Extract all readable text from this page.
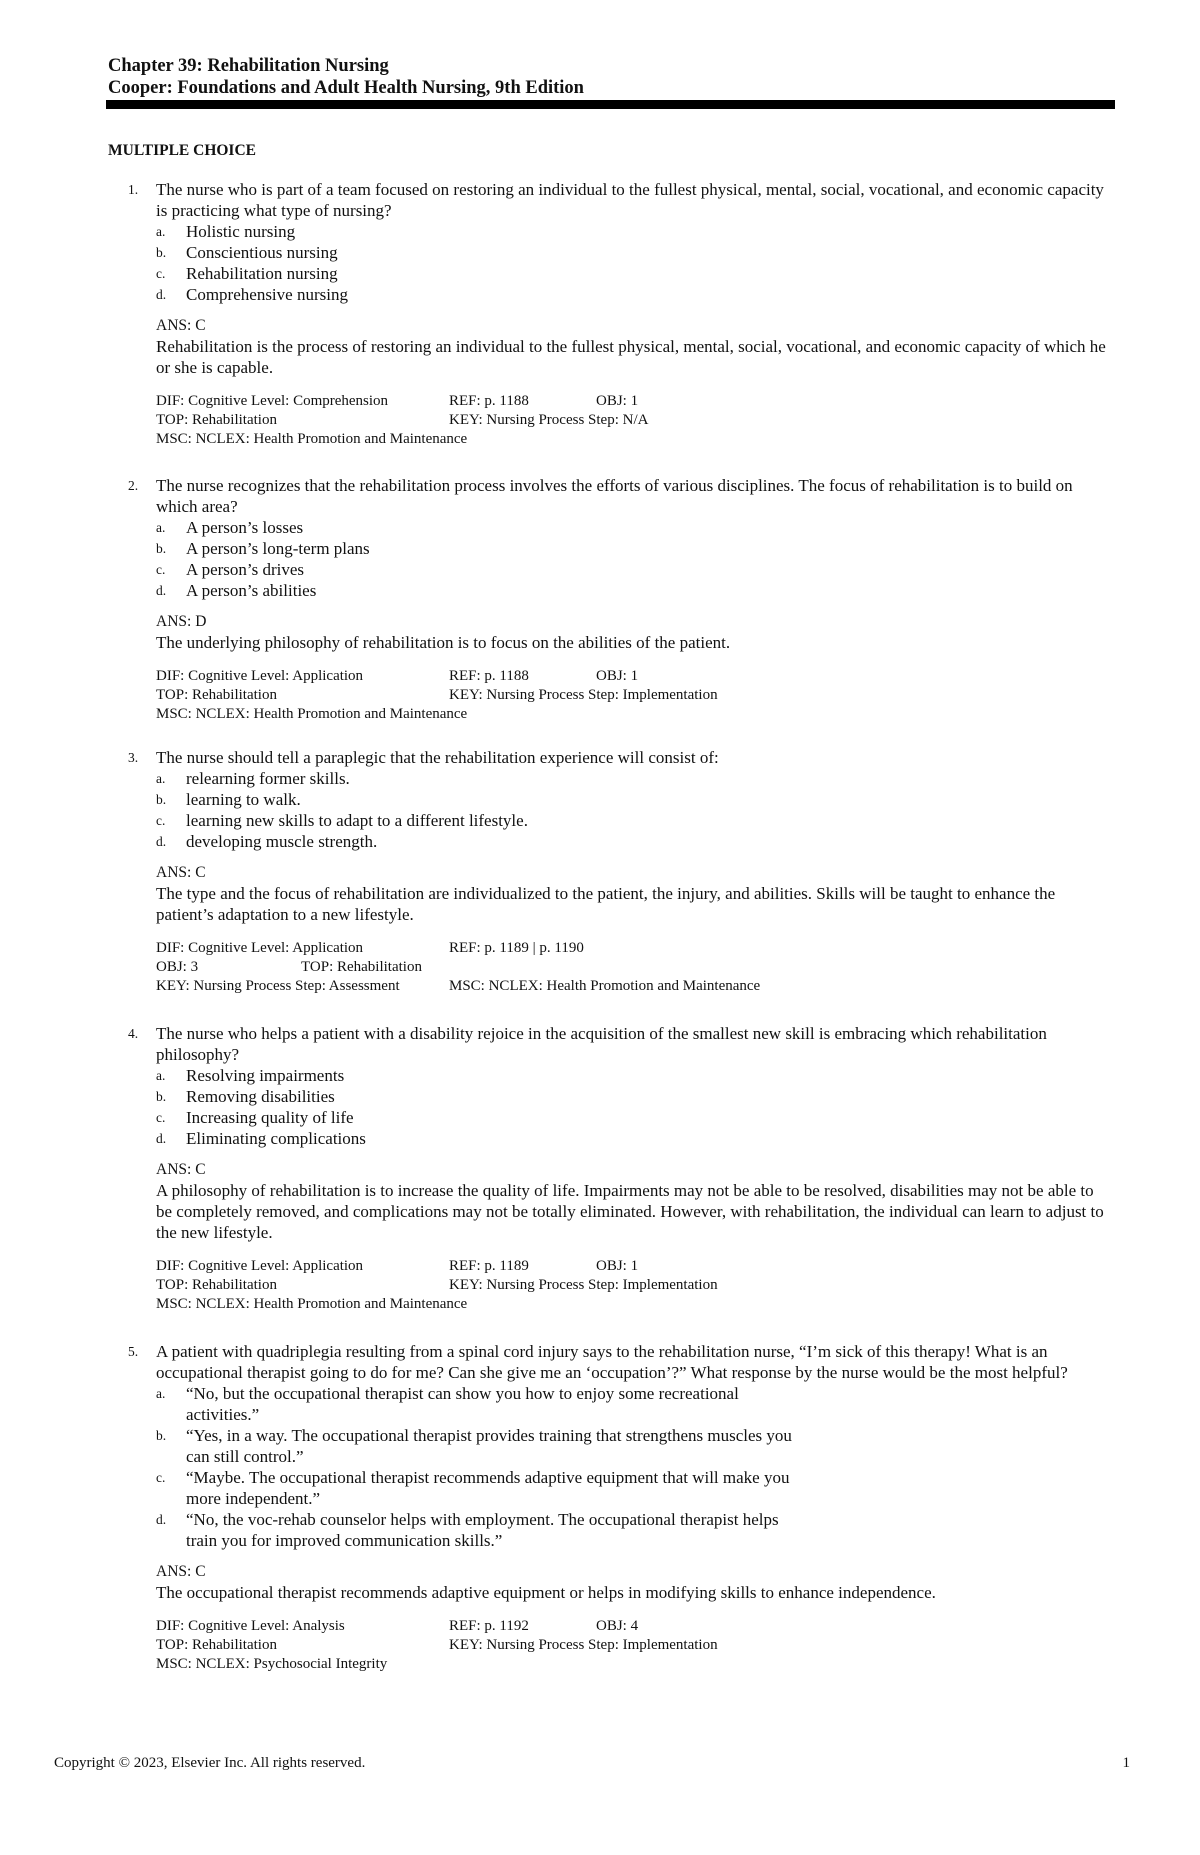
Chapter 39: Rehabilitation Nursing
Cooper: Foundations and Adult Health Nursing, 9th Edition
MULTIPLE CHOICE
1. The nurse who is part of a team focused on restoring an individual to the fullest physical, mental, social, vocational, and economic capacity is practicing what type of nursing?
a. Holistic nursing
b. Conscientious nursing
c. Rehabilitation nursing
d. Comprehensive nursing
ANS: C
Rehabilitation is the process of restoring an individual to the fullest physical, mental, social, vocational, and economic capacity of which he or she is capable.
DIF: Cognitive Level: Comprehension	REF: p. 1188	OBJ: 1
TOP: Rehabilitation	KEY: Nursing Process Step: N/A
MSC: NCLEX: Health Promotion and Maintenance
2. The nurse recognizes that the rehabilitation process involves the efforts of various disciplines. The focus of rehabilitation is to build on which area?
a. A person’s losses
b. A person’s long-term plans
c. A person’s drives
d. A person’s abilities
ANS: D
The underlying philosophy of rehabilitation is to focus on the abilities of the patient.
DIF: Cognitive Level: Application	REF: p. 1188	OBJ: 1
TOP: Rehabilitation	KEY: Nursing Process Step: Implementation
MSC: NCLEX: Health Promotion and Maintenance
3. The nurse should tell a paraplegic that the rehabilitation experience will consist of:
a. relearning former skills.
b. learning to walk.
c. learning new skills to adapt to a different lifestyle.
d. developing muscle strength.
ANS: C
The type and the focus of rehabilitation are individualized to the patient, the injury, and abilities. Skills will be taught to enhance the patient’s adaptation to a new lifestyle.
DIF: Cognitive Level: Application	REF: p. 1189 | p. 1190
OBJ: 3	TOP: Rehabilitation
KEY: Nursing Process Step: Assessment	MSC: NCLEX: Health Promotion and Maintenance
4. The nurse who helps a patient with a disability rejoice in the acquisition of the smallest new skill is embracing which rehabilitation philosophy?
a. Resolving impairments
b. Removing disabilities
c. Increasing quality of life
d. Eliminating complications
ANS: C
A philosophy of rehabilitation is to increase the quality of life. Impairments may not be able to be resolved, disabilities may not be able to be completely removed, and complications may not be totally eliminated. However, with rehabilitation, the individual can learn to adjust to the new lifestyle.
DIF: Cognitive Level: Application	REF: p. 1189	OBJ: 1
TOP: Rehabilitation	KEY: Nursing Process Step: Implementation
MSC: NCLEX: Health Promotion and Maintenance
5. A patient with quadriplegia resulting from a spinal cord injury says to the rehabilitation nurse, “I’m sick of this therapy! What is an occupational therapist going to do for me? Can she give me an ‘occupation’?” What response by the nurse would be the most helpful?
a. “No, but the occupational therapist can show you how to enjoy some recreational activities.”
b. “Yes, in a way. The occupational therapist provides training that strengthens muscles you can still control.”
c. “Maybe. The occupational therapist recommends adaptive equipment that will make you more independent.”
d. “No, the voc-rehab counselor helps with employment. The occupational therapist helps train you for improved communication skills.”
ANS: C
The occupational therapist recommends adaptive equipment or helps in modifying skills to enhance independence.
DIF: Cognitive Level: Analysis	REF: p. 1192	OBJ: 4
TOP: Rehabilitation	KEY: Nursing Process Step: Implementation
MSC: NCLEX: Psychosocial Integrity
Copyright © 2023, Elsevier Inc. All rights reserved.	1
